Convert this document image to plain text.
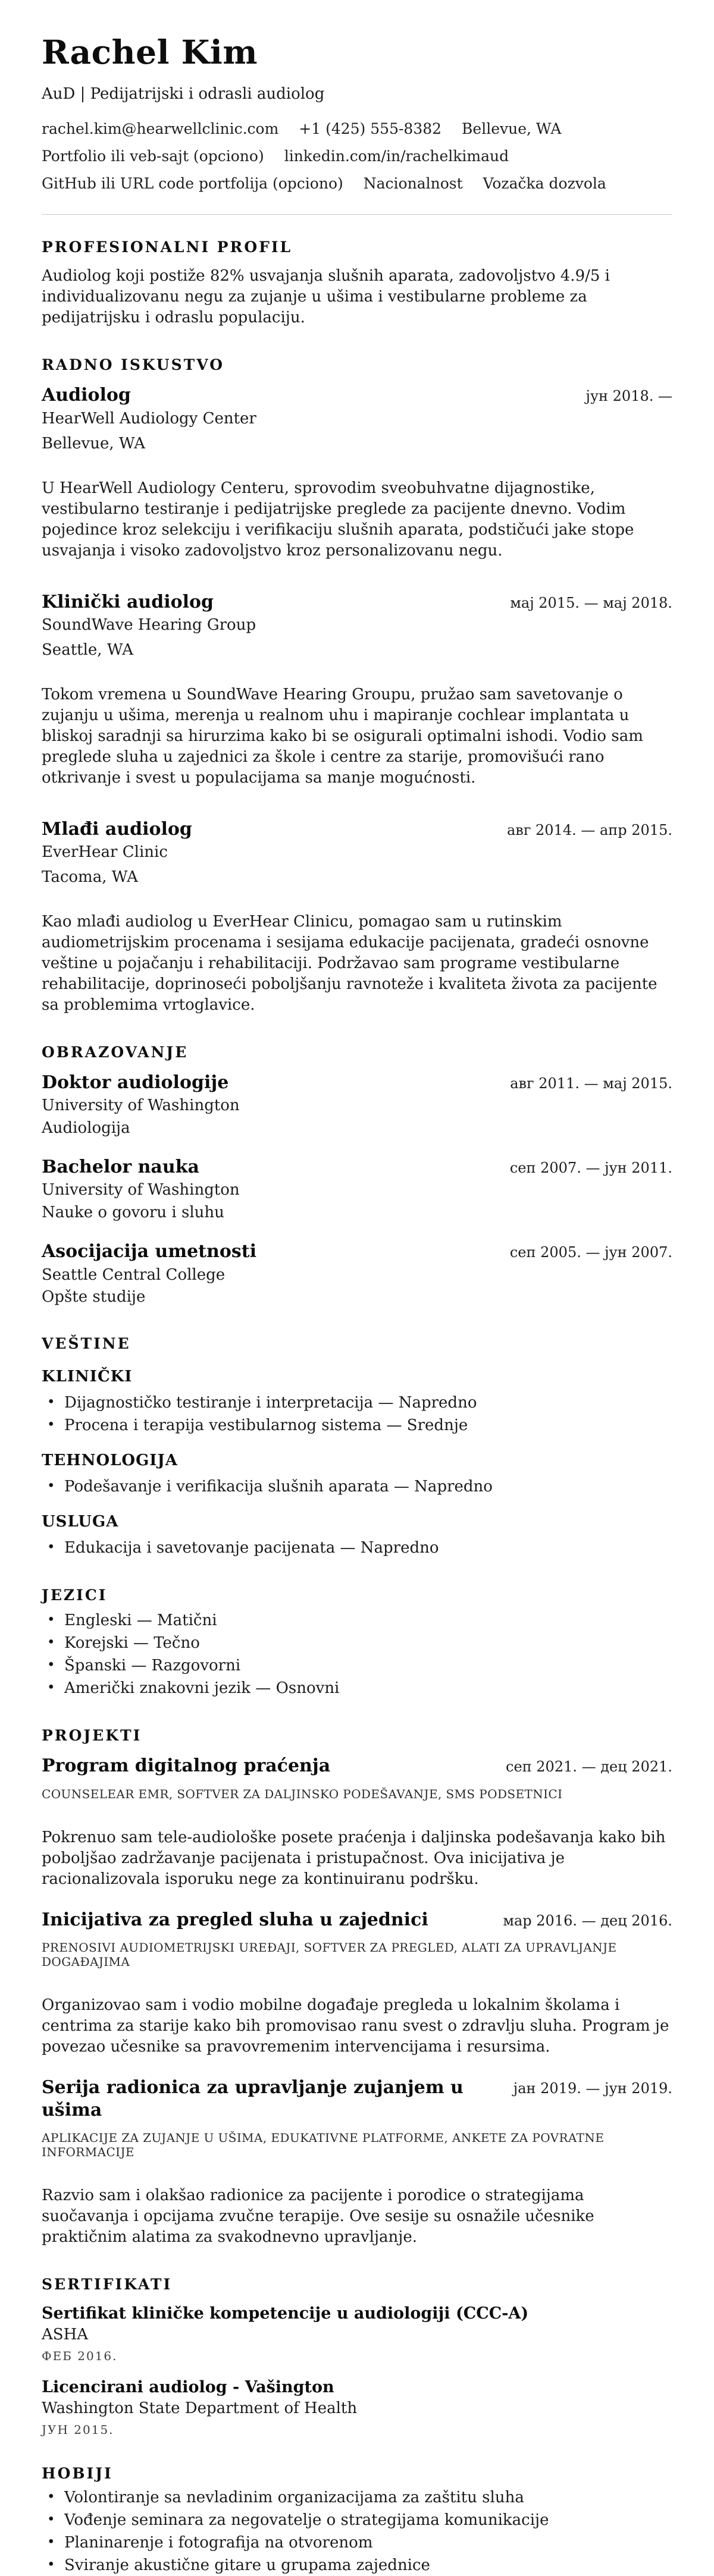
Rachel Kim
AuD | Pedijatrijski i odrasli audiolog
rachel.kim@hearwellclinic.com +1 (425) 555-8382 Bellevue, WA
Portfolio ili veb-sajt (opciono) linkedin.com/in/rachelkimaud
GitHub ili URL code portfolija (opciono) Nacionalnost Vozačka dozvola
PROFESIONALNI PROFIL

Audiolog koji postiže 82% usvajanja slušnih aparata, zadovoljstvo 4.9/5 i individualizovanu negu za zujanje u ušima i vestibularne probleme za pedijatrijsku i odraslu populaciju.

RADNO ISKUSTVO
Audiolog	јун 2018. —
HearWell Audiology Center
Bellevue, WA

U HearWell Audiology Centeru, sprovodim sveobuhvatne dijagnostike, vestibularno testiranje i pedijatrijske preglede za pacijente dnevno. Vodim pojedince kroz selekciju i verifikaciju slušnih aparata, podstičući jake stope usvajanja i visoko zadovoljstvo kroz personalizovanu negu.

Klinički audiolog	мај 2015. — мај 2018.
SoundWave Hearing Group
Seattle, WA

Tokom vremena u SoundWave Hearing Groupu, pružao sam savetovanje o zujanju u ušima, merenja u realnom uhu i mapiranje cochlear implantata u bliskoj saradnji sa hirurzima kako bi se osigurali optimalni ishodi. Vodio sam preglede sluha u zajednici za škole i centre za starije, promovišući rano otkrivanje i svest u populacijama sa manje mogućnosti.

Mlađi audiolog	авг 2014. — апр 2015.
EverHear Clinic
Tacoma, WA

Kao mlađi audiolog u EverHear Clinicu, pomagao sam u rutinskim audiometrijskim procenama i sesijama edukacije pacijenata, gradeći osnovne veštine u pojačanju i rehabilitaciji. Podržavao sam programe vestibularne rehabilitacije, doprinoseći poboljšanju ravnoteže i kvaliteta života za pacijente sa problemima vrtoglavice.

OBRAZOVANJE
Doktor audiologije	авг 2011. — мај 2015.
University of Washington
Audiologija
Bachelor nauka	сеп 2007. — јун 2011.
University of Washington
Nauke o govoru i sluhu
Asocijacija umetnosti	сеп 2005. — јун 2007.
Seattle Central College
Opšte studije
VEŠTINE
KLINIČKI
• Dijagnostičko testiranje i interpretacija — Napredno
• Procena i terapija vestibularnog sistema — Srednje
TEHNOLOGIJA
• Podešavanje i verifikacija slušnih aparata — Napredno
USLUGA
• Edukacija i savetovanje pacijenata — Napredno
JEZICI
• Engleski — Matični
• Korejski — Tečno
• Španski — Razgovorni
• Američki znakovni jezik — Osnovni
PROJEKTI
Program digitalnog praćenja	сеп 2021. — дец 2021.
COUNSELEAR EMR, SOFTVER ZA DALJINSKO PODEŠAVANJE, SMS PODSETNICI

Pokrenuo sam tele-audiološke posete praćenja i daljinska podešavanja kako bih poboljšao zadržavanje pacijenata i pristupačnost. Ova inicijativa je racionalizovala isporuku nege za kontinuiranu podršku.

Inicijativa za pregled sluha u zajednici	мар 2016. — дец 2016.
PRENOSIVI AUDIOMETRIJSKI UREĐAJI, SOFTVER ZA PREGLED, ALATI ZA UPRAVLJANJE DOGAĐAJIMA

Organizovao sam i vodio mobilne događaje pregleda u lokalnim školama i centrima za starije kako bih promovisao ranu svest o zdravlju sluha. Program je povezao učesnike sa pravovremenim intervencijama i resursima.

Serija radionica za upravljanje zujanjem u ušima
јан 2019. — јун 2019.
APLIKACIJE ZA ZUJANJE U UŠIMA, EDUKATIVNE PLATFORME, ANKETE ZA POVRATNE INFORMACIJE

Razvio sam i olakšao radionice za pacijente i porodice o strategijama suočavanja i opcijama zvučne terapije. Ove sesije su osnažile učesnike praktičnim alatima za svakodnevno upravljanje.

SERTIFIKATI
Sertifikat kliničke kompetencije u audiologiji (CCC-A)
ASHA
ФЕБ 2016.
Licencirani audiolog - Vašington
Washington State Department of Health
ЈУН 2015.
HOBIJI
• Volontiranje sa nevladinim organizacijama za zaštitu sluha
• Vođenje seminara za negovatelje o strategijama komunikacije
• Planinarenje i fotografija na otvorenom
• Sviranje akustične gitare u grupama zajednice
